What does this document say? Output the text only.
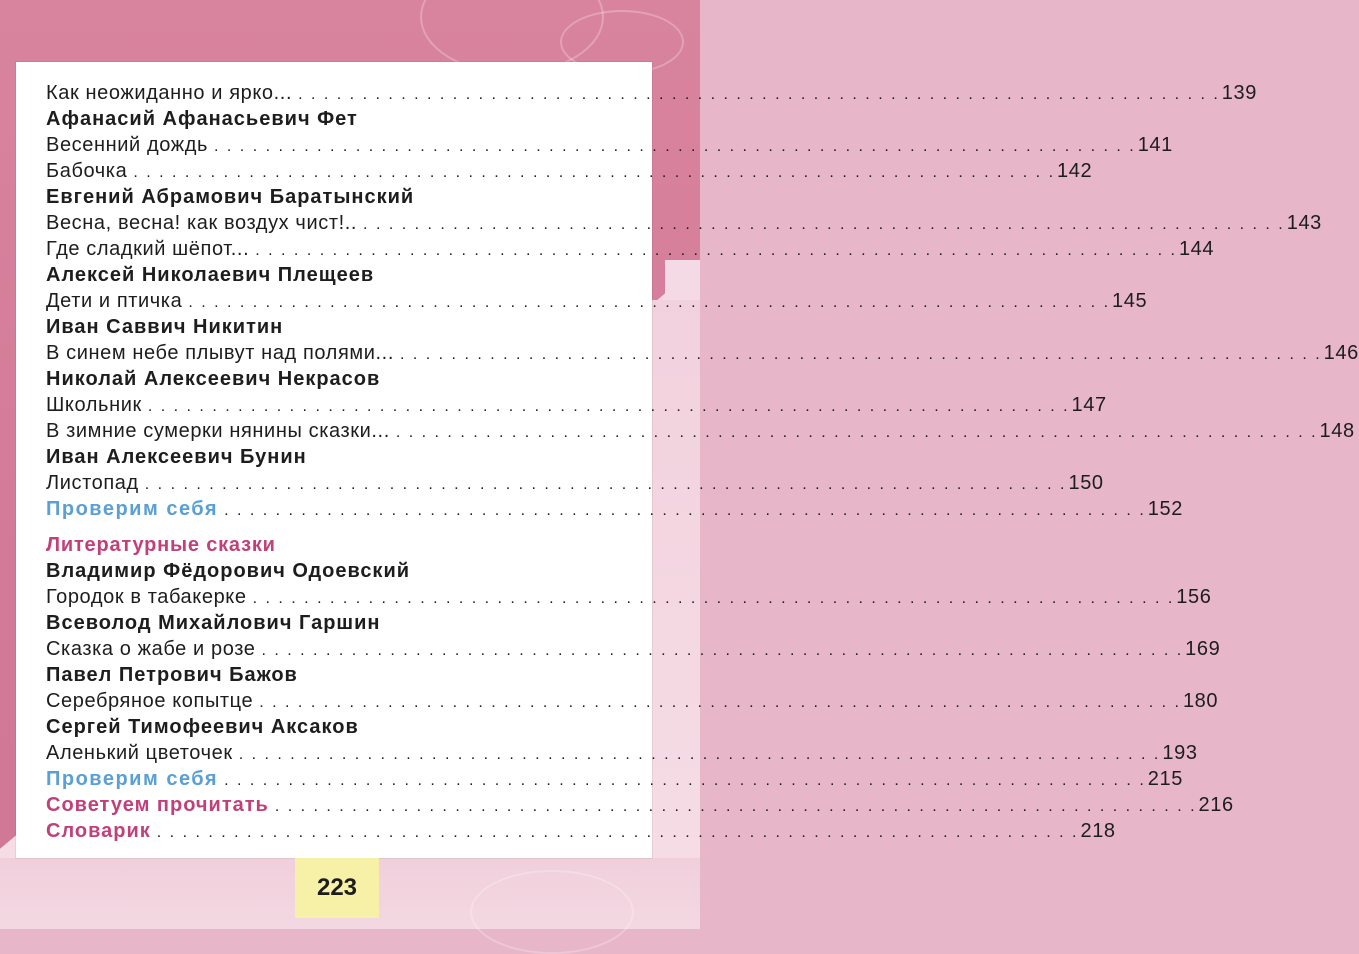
Как неожиданно и ярко... . . . . . . . . . . . . . . . . . . . . . . . . . . . . . . . . . . . . . . . . . . . . . . . . . . . . . . . . . . . . . . . . . . . . . . . . 139
Афанасий Афанасьевич Фет
Весенний дождь . . . . . . . . . . . . . . . . . . . . . . . . . . . . . . . . . . . . . . . . . . . . . . . . . . . . . . . . . . . . . . . . . . . . . . . . 141
Бабочка . . . . . . . . . . . . . . . . . . . . . . . . . . . . . . . . . . . . . . . . . . . . . . . . . . . . . . . . . . . . . . . . . . . . . . . . 142
Евгений Абрамович Баратынский
Весна, весна! как воздух чист!.. . . . . . . . . . . . . . . . . . . . . . . . . . . . . . . . . . . . . . . . . . . . . . . . . . . . . . . . . . . . . . . . . . . . . . . . . 143
Где сладкий шёпот... . . . . . . . . . . . . . . . . . . . . . . . . . . . . . . . . . . . . . . . . . . . . . . . . . . . . . . . . . . . . . . . . . . . . . . . . 144
Алексей Николаевич Плещеев
Дети и птичка . . . . . . . . . . . . . . . . . . . . . . . . . . . . . . . . . . . . . . . . . . . . . . . . . . . . . . . . . . . . . . . . . . . . . . . . 145
Иван Саввич Никитин
В синем небе плывут над полями... . . . . . . . . . . . . . . . . . . . . . . . . . . . . . . . . . . . . . . . . . . . . . . . . . . . . . . . . . . . . . . . . . . . . . . . . 146
Николай Алексеевич Некрасов
Школьник . . . . . . . . . . . . . . . . . . . . . . . . . . . . . . . . . . . . . . . . . . . . . . . . . . . . . . . . . . . . . . . . . . . . . . . . 147
В зимние сумерки нянины сказки... . . . . . . . . . . . . . . . . . . . . . . . . . . . . . . . . . . . . . . . . . . . . . . . . . . . . . . . . . . . . . . . . . . . . . . . . 148
Иван Алексеевич Бунин
Листопад . . . . . . . . . . . . . . . . . . . . . . . . . . . . . . . . . . . . . . . . . . . . . . . . . . . . . . . . . . . . . . . . . . . . . . . . 150
Проверим себя . . . . . . . . . . . . . . . . . . . . . . . . . . . . . . . . . . . . . . . . . . . . . . . . . . . . . . . . . . . . . . . . . . . . . . . . 152
Литературные сказки
Владимир Фёдорович Одоевский
Городок в табакерке . . . . . . . . . . . . . . . . . . . . . . . . . . . . . . . . . . . . . . . . . . . . . . . . . . . . . . . . . . . . . . . . . . . . . . . . 156
Всеволод Михайлович Гаршин
Сказка о жабе и розе . . . . . . . . . . . . . . . . . . . . . . . . . . . . . . . . . . . . . . . . . . . . . . . . . . . . . . . . . . . . . . . . . . . . . . . . 169
Павел Петрович Бажов
Серебряное копытце . . . . . . . . . . . . . . . . . . . . . . . . . . . . . . . . . . . . . . . . . . . . . . . . . . . . . . . . . . . . . . . . . . . . . . . . 180
Сергей Тимофеевич Аксаков
Аленький цветочек . . . . . . . . . . . . . . . . . . . . . . . . . . . . . . . . . . . . . . . . . . . . . . . . . . . . . . . . . . . . . . . . . . . . . . . . 193
Проверим себя . . . . . . . . . . . . . . . . . . . . . . . . . . . . . . . . . . . . . . . . . . . . . . . . . . . . . . . . . . . . . . . . . . . . . . . . 215
Советуем прочитать . . . . . . . . . . . . . . . . . . . . . . . . . . . . . . . . . . . . . . . . . . . . . . . . . . . . . . . . . . . . . . . . . . . . . . . . 216
Словарик . . . . . . . . . . . . . . . . . . . . . . . . . . . . . . . . . . . . . . . . . . . . . . . . . . . . . . . . . . . . . . . . . . . . . . . . 218
223
